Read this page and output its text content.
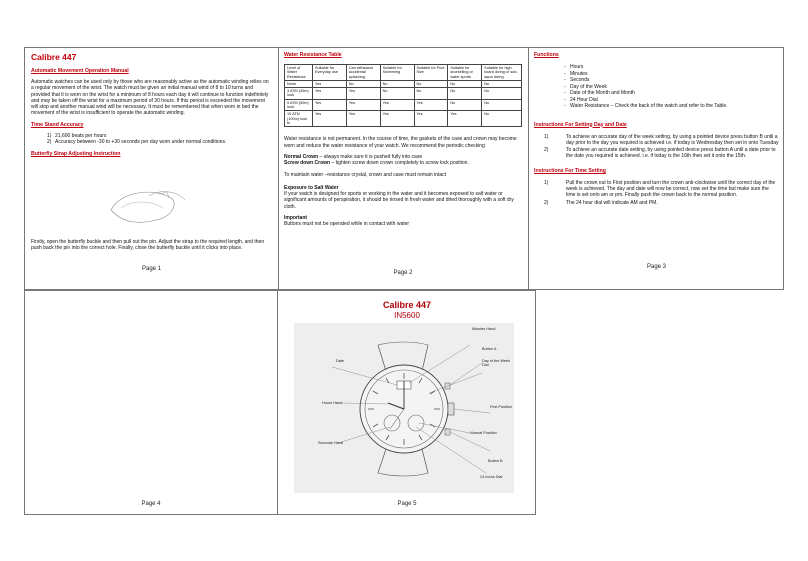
Calibre 447
Automatic Movement Operation Manual

Automatic watches can be used only by those who are reasonably active as the automatic winding relies on a regular movement of the wrist. The watch must be given an initial manual wind of 8 to 10 turns and provided that it is worn on the wrist for a minimum of 8 hours each day it will continue to function indefinitely and may be taken off the wrist for a maximum period of 30 hours. If this period is exceeded the movement will stop and another manual wind will be necessary. It must be remembered that when worn in bed the movement of the wrist is insufficient to operate the automatic winding.

Time Stand Accuracy
1) 21,600 beats per hours
2) Accuracy between -30 to +30 seconds per day worn under normal conditions.
Butterfly Strap Adjusting Instruction

Firstly, open the butterfly buckle and then pull out the pin. Adjust the strap to the required length, and then push back the pin into the correct hole. Finally, close the butterfly buckle until it clicks into place.

Page 1
Water Resistance Table
Level of Water Resistance	Suitable for Everyday use	Can withstand accidental splashing	Suitable for Swimming	Suitable for Pool Size	Suitable for snorkelling or water sports	Suitable for high board diving or sub-aqua diving
None	Yes	No	No	No	No	No
3 ATM (30m) look	Yes	Yes	No	No	No	No
5 ATM (50m) look	Yes	Yes	Yes	Yes	No	No
10 ATM (100m) look to	Yes	Yes	Yes	Yes	Yes	No

Water resistance is not permanent. In the course of time, the gaskets of the case and crown may become worn and reduce the water resistance of your watch. We recommend the periodic checking

Normal Crown – always make sure it is pushed fully into case

Screw down Crown – tighten screw down crown completely to screw lock position.

To maintain water –resistance crystal, crown and case must remain intact

Exposure to Salt Water

If your watch is designed for sports or working in the water and it becomes exposed to salt water or significant amounts of perspiration, it should be rinsed in fresh water and dried thoroughly with a soft dry cloth.

Important

Buttons must not be operated while in contact with water

Page 2
Functions
- Hours
- Minutes
- Seconds
- Day of the Week
- Date of the Month and Month
- 24 Hour Dial
- Water Resistance – Check the back of the watch and refer to the Table.
Instructions For Setting Day and Date
1)	To achieve an accurate day of the week setting, by using a pointed device press button B until a day prior to the day you required is achieved i.e. if today is Wednesday then set in onto Tuesday
2)	To achieve an accurate date setting, by using pointed device press button A until a date prior to the date you required is achieved. i.e. if today is the 16th then set it onto the 15th.
Instructions For Time Setting
1)	Pull the crown out to First position and turn the crown anti-clockwise until the correct day of the week is achieved. The day and date will now be correct, now set the time but make sure the time is set onto am or pm. Finally push the crown back to the normal position.
2)	The 24 hour dial will indicate AM and PM.
Page 3
Page 4
Calibre 447
IN5600
Minutes Hand
Button A
Day of the Week Dial
Date
Hours Hand
First Position
Normal Position
Seconds Hand
Button B
24 hours Dial
Page 5
